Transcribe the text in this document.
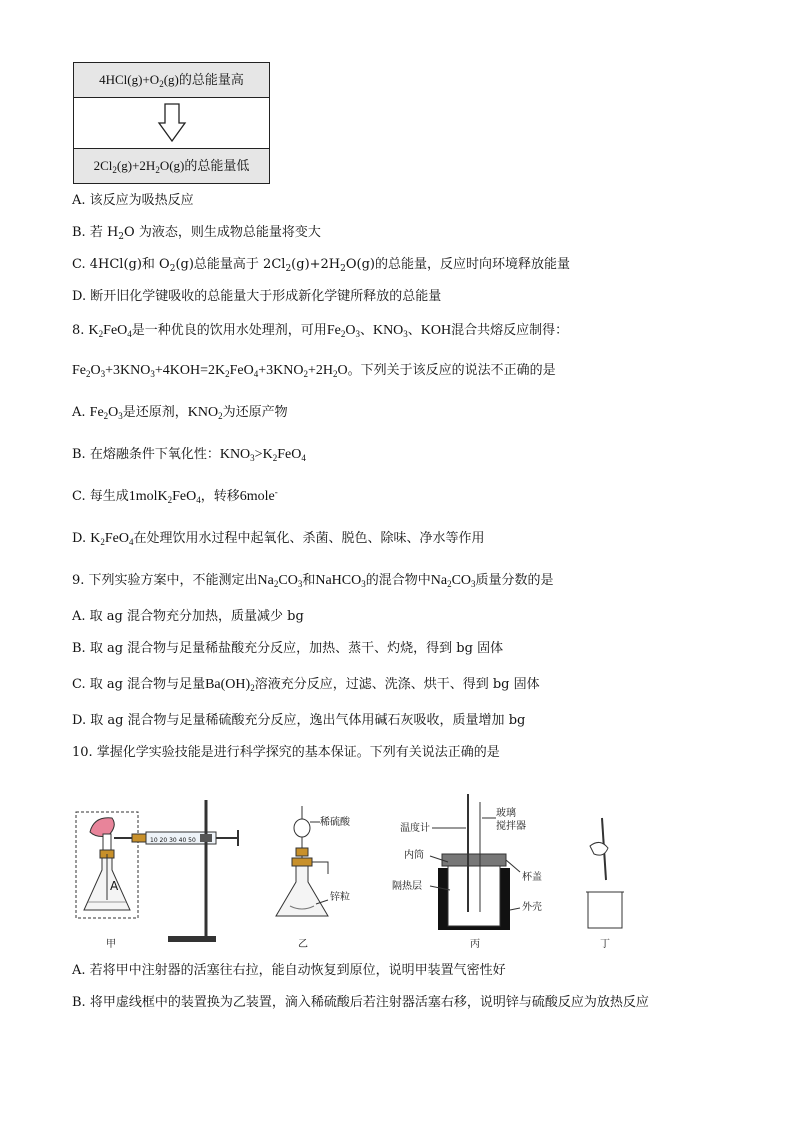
$4HCl(g)+O_2(g)$的总能量高
$2Cl_2(g)+2H_2O(g)$的总能量低
A. 该反应为吸热反应
B. 若 $H_2O$ 为液态，则生成物总能量将变大
C. 4HCl(g)和 $O_2(g)$总能量高于 $2Cl_2(g)+2H_2O(g)$的总能量，反应时向环境释放能量
D. 断开旧化学键吸收的总能量大于形成新化学键所释放的总能量
8. $K_2FeO_4$是一种优良的饮用水处理剂，可用$Fe_2O_3$、$KNO_3$、KOH混合共熔反应制得：
$Fe_2O_3+3KNO_3+4KOH=2K_2FeO_4+3KNO_2+2H_2O$。下列关于该反应的说法不正确的是
A. $Fe_2O_3$是还原剂，$KNO_2$为还原产物
B. 在熔融条件下氧化性：$KNO_3>K_2FeO_4$
C. 每生成1molK$_2$FeO$_4$，转移6mole-
D. $K_2FeO_4$在处理饮用水过程中起氧化、杀菌、脱色、除味、净水等作用
9. 下列实验方案中，不能测定出$Na_2CO_3$和NaHCO$_3$的混合物中$Na_2CO_3$质量分数的是
A. 取 ag 混合物充分加热，质量减少 bg
B. 取 ag 混合物与足量稀盐酸充分反应，加热、蒸干、灼烧，得到 bg 固体
C. 取 ag 混合物与足量$Ba(OH)_2$溶液充分反应，过滤、洗涤、烘干、得到 bg 固体
D. 取 ag 混合物与足量稀硫酸充分反应，逸出气体用碱石灰吸收，质量增加 bg
10. 掌握化学实验技能是进行科学探究的基本保证。下列有关说法正确的是
A
10 20 30 40 50
甲
稀硫酸
锌粒
乙
温度计
玻璃
搅拌器
内筒
杯盖
隔热层
外壳
丙	丁
A. 若将甲中注射器的活塞往右拉，能自动恢复到原位，说明甲装置气密性好
B. 将甲虚线框中的装置换为乙装置，滴入稀硫酸后若注射器活塞右移，说明锌与硫酸反应为放热反应
